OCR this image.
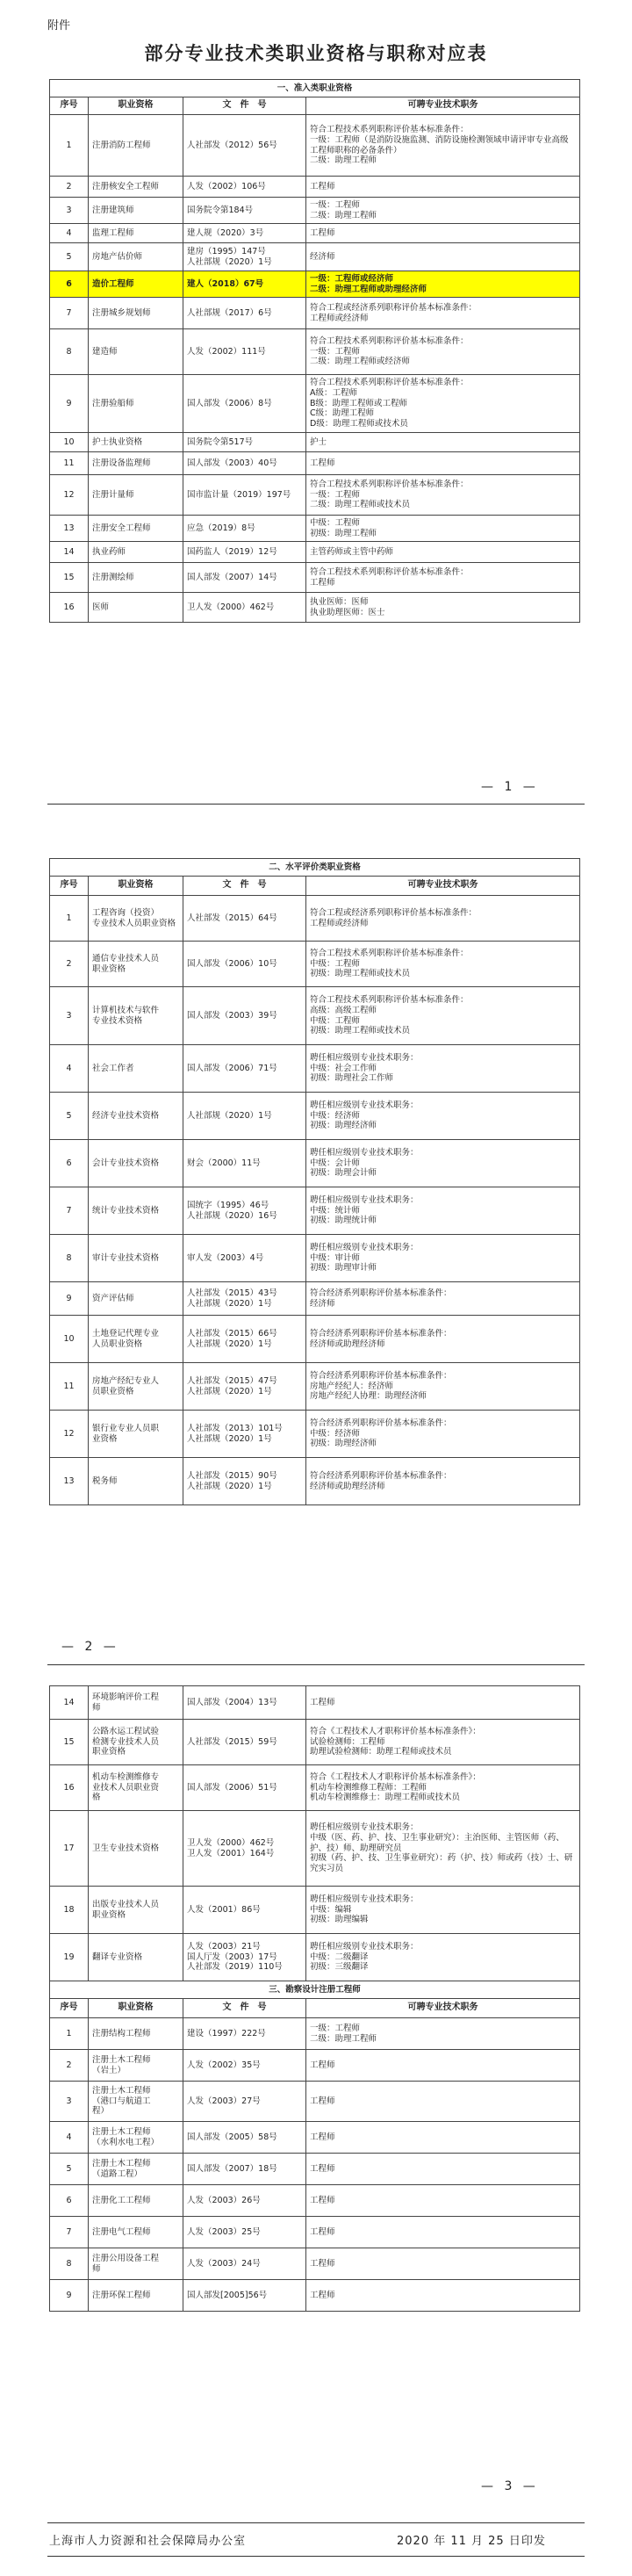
附件
部分专业技术类职业资格与职称对应表
一、准入类职业资格			
序号	职业资格	文　件　号	可聘专业技术职务
1	注册消防工程师	人社部发（2012）56号	符合工程技术系列职称评价基本标准条件：
一级：工程师（是消防设施监测、消防设施检测领域申请评审专业高级工程师职称的必备条件）
二级：助理工程师

2	注册核安全工程师	人发（2002）106号	工程师

3	注册建筑师	国务院令第184号	一级：工程师
二级：助理工程师

4	监理工程师	建人规（2020）3号	工程师

5	房地产估价师	建房（1995）147号
人社部规（2020）1号	经济师

6	造价工程师	建人（2018）67号	一级：工程师或经济师
二级：助理工程师或助理经济师

7	注册城乡规划师	人社部规（2017）6号	符合工程或经济系列职称评价基本标准条件：
工程师或经济师

8	建造师	人发（2002）111号	符合工程技术系列职称评价基本标准条件：
一级：工程师
二级：助理工程师或经济师

9	注册验船师	国人部发（2006）8号	符合工程技术系列职称评价基本标准条件：
A级：工程师
B级：助理工程师或工程师
C级：助理工程师
D级：助理工程师或技术员

10	护士执业资格	国务院令第517号	护士

11	注册设备监理师	国人部发（2003）40号	工程师

12	注册计量师	国市监计量（2019）197号	符合工程技术系列职称评价基本标准条件：
一级：工程师
二级：助理工程师或技术员

13	注册安全工程师	应急（2019）8号	中级：工程师
初级：助理工程师

14	执业药师	国药监人（2019）12号	主管药师或主管中药师

15	注册测绘师	国人部发（2007）14号	符合工程技术系列职称评价基本标准条件：
工程师

16	医师	卫人发（2000）462号	执业医师：医师
执业助理医师：医士
— 1 —
二、水平评价类职业资格			
序号	职业资格	文　件　号	可聘专业技术职务
1	工程咨询（投资）
专业技术人员职业资格	人社部发（2015）64号	符合工程或经济系列职称评价基本标准条件：
工程师或经济师

2	通信专业技术人员
职业资格	国人部发（2006）10号	符合工程技术系列职称评价基本标准条件：
中级：工程师
初级：助理工程师或技术员

3	计算机技术与软件
专业技术资格	国人部发（2003）39号	符合工程技术系列职称评价基本标准条件：
高级：高级工程师
中级：工程师
初级：助理工程师或技术员

4	社会工作者	国人部发（2006）71号	聘任相应级别专业技术职务：
中级：社会工作师
初级：助理社会工作师

5	经济专业技术资格	人社部规（2020）1号	聘任相应级别专业技术职务：
中级：经济师
初级：助理经济师

6	会计专业技术资格	财会（2000）11号	聘任相应级别专业技术职务：
中级：会计师
初级：助理会计师

7	统计专业技术资格	国统字（1995）46号
人社部规（2020）16号	聘任相应级别专业技术职务：
中级：统计师
初级：助理统计师

8	审计专业技术资格	审人发（2003）4号	聘任相应级别专业技术职务：
中级：审计师
初级：助理审计师

9	资产评估师	人社部发（2015）43号
人社部规（2020）1号	符合经济系列职称评价基本标准条件：
经济师

10	土地登记代理专业
人员职业资格	人社部发（2015）66号
人社部规（2020）1号	符合经济系列职称评价基本标准条件：
经济师或助理经济师

11	房地产经纪专业人
员职业资格	人社部发（2015）47号
人社部规（2020）1号	符合经济系列职称评价基本标准条件：
房地产经纪人：经济师
房地产经纪人协理：助理经济师

12	银行业专业人员职
业资格	人社部发（2013）101号
人社部规（2020）1号	符合经济系列职称评价基本标准条件：
中级：经济师
初级：助理经济师

13	税务师	人社部发（2015）90号
人社部规（2020）1号	符合经济系列职称评价基本标准条件：
经济师或助理经济师
— 2 —
14	环境影响评价工程
师	国人部发（2004）13号	工程师

15	公路水运工程试验
检测专业技术人员
职业资格	人社部发（2015）59号	符合《工程技术人才职称评价基本标准条件》：
试验检测师：工程师
助理试验检测师：助理工程师或技术员

16	机动车检测维修专
业技术人员职业资
格	国人部发（2006）51号	符合《工程技术人才职称评价基本标准条件》：
机动车检测维修工程师：工程师
机动车检测维修士：助理工程师或技术员

17	卫生专业技术资格	卫人发（2000）462号
卫人发（2001）164号	聘任相应级别专业技术职务：
中级（医、药、护、技、卫生事业研究）：主治医师、主管医师（药、护、技）师、助理研究员
初级（药、护、技、卫生事业研究）：药（护、技）师或药（技）士、研究实习员

18	出版专业技术人员
职业资格	人发（2001）86号	聘任相应级别专业技术职务：
中级：编辑
初级：助理编辑

19	翻译专业资格	人发（2003）21号
国人厅发（2003）17号
人社部发（2019）110号	聘任相应级别专业技术职务：
中级：二级翻译
初级：三级翻译

三、勘察设计注册工程师			
序号	职业资格	文　件　号	可聘专业技术职务
1	注册结构工程师	建设（1997）222号	一级：工程师
二级：助理工程师

2	注册土木工程师
（岩土）	人发（2002）35号	工程师

3	注册土木工程师
（港口与航道工
程）	人发（2003）27号	工程师

4	注册土木工程师
（水利水电工程）	国人部发（2005）58号	工程师

5	注册土木工程师
（道路工程）	国人部发（2007）18号	工程师

6	注册化工工程师	人发（2003）26号	工程师

7	注册电气工程师	人发（2003）25号	工程师

8	注册公用设备工程
师	人发（2003）24号	工程师

9	注册环保工程师	国人部发[2005]56号	工程师
— 3 —
上海市人力资源和社会保障局办公室	2020 年 11 月 25 日印发
